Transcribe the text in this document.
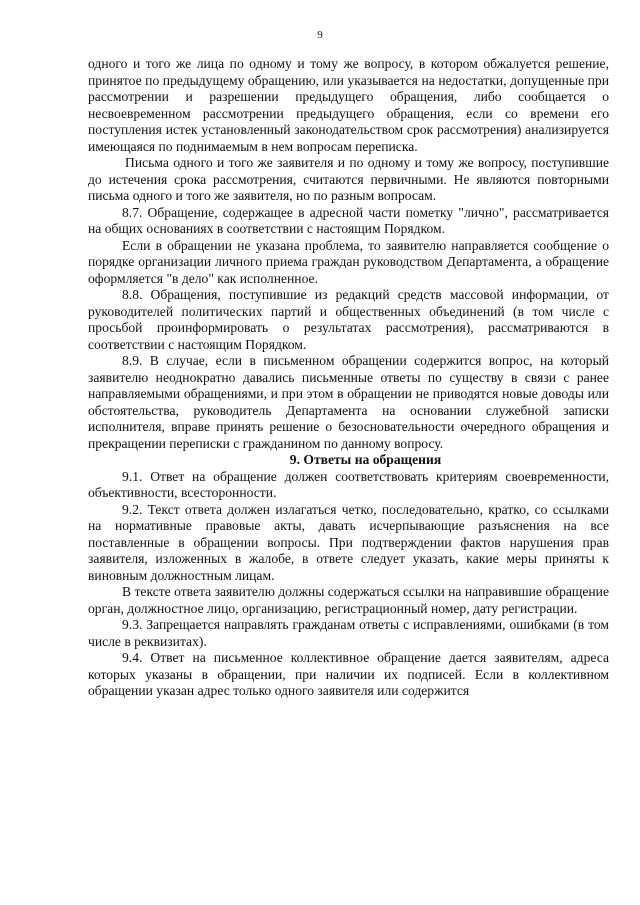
9

одного и того же лица по одному и тому же вопросу, в котором обжалуется решение, принятое по предыдущему обращению, или указывается на недостатки, допущенные при рассмотрении и разрешении предыдущего обращения, либо сообщается о несвоевременном рассмотрении предыдущего обращения, если со времени его поступления истек установленный законодательством срок рассмотрения) анализируется имеющаяся по поднимаемым в нем вопросам переписка.

Письма одного и того же заявителя и по одному и тому же вопросу, поступившие до истечения срока рассмотрения, считаются первичными. Не являются повторными письма одного и того же заявителя, но по разным вопросам.

8.7. Обращение, содержащее в адресной части пометку "лично", рассматривается на общих основаниях в соответствии с настоящим Порядком.

Если в обращении не указана проблема, то заявителю направляется сообщение о порядке организации личного приема граждан руководством Департамента, а обращение оформляется "в дело" как исполненное.

8.8. Обращения, поступившие из редакций средств массовой информации, от руководителей политических партий и общественных объединений (в том числе с просьбой проинформировать о результатах рассмотрения), рассматриваются в соответствии с настоящим Порядком.

8.9. В случае, если в письменном обращении содержится вопрос, на который заявителю неоднократно давались письменные ответы по существу в связи с ранее направляемыми обращениями, и при этом в обращении не приводятся новые доводы или обстоятельства, руководитель Департамента на основании служебной записки исполнителя, вправе принять решение о безосновательности очередного обращения и прекращении переписки с гражданином по данному вопросу.

9. Ответы на обращения

9.1. Ответ на обращение должен соответствовать критериям своевременности, объективности, всесторонности.

9.2. Текст ответа должен излагаться четко, последовательно, кратко, со ссылками на нормативные правовые акты, давать исчерпывающие разъяснения на все поставленные в обращении вопросы. При подтверждении фактов нарушения прав заявителя, изложенных в жалобе, в ответе следует указать, какие меры приняты к виновным должностным лицам.

В тексте ответа заявителю должны содержаться ссылки на направившие обращение орган, должностное лицо, организацию, регистрационный номер, дату регистрации.

9.3. Запрещается направлять гражданам ответы с исправлениями, ошибками (в том числе в реквизитах).

9.4. Ответ на письменное коллективное обращение дается заявителям, адреса которых указаны в обращении, при наличии их подписей. Если в коллективном обращении указан адрес только одного заявителя или содержится
